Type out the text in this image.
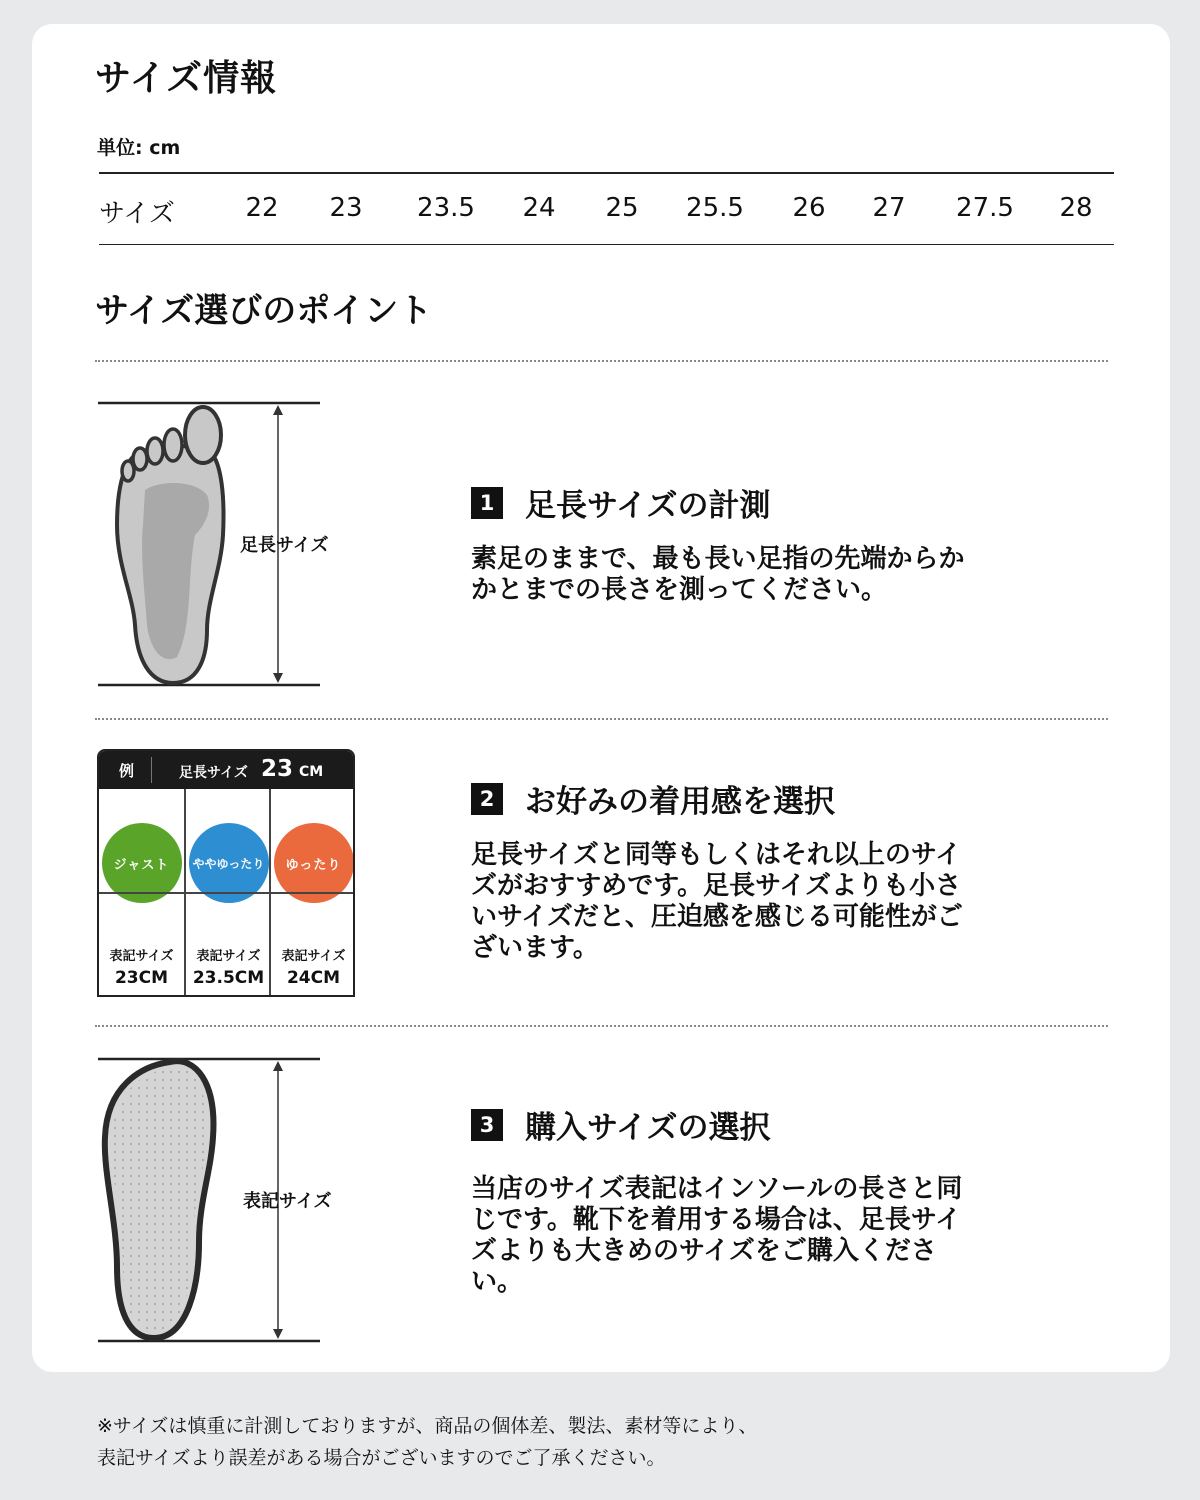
サイズ情報
単位: cm
サイズ	22 23 23.5 24 25 25.5 26 27 27.5 28
サイズ選びのポイント
足長サイズ
1 足長サイズの計測
素足のままで、最も長い足指の先端からかかとまでの長さを測ってください。
例	足長サイズ 23 CM
ジャスト
表記サイズ
23CM
ややゆったり
表記サイズ
23.5CM
ゆったり
表記サイズ
24CM
2 お好みの着用感を選択
足長サイズと同等もしくはそれ以上のサイズがおすすめです。足長サイズよりも小さいサイズだと、圧迫感を感じる可能性がございます。
表記サイズ
3 購入サイズの選択
当店のサイズ表記はインソールの長さと同じです。靴下を着用する場合は、足長サイズよりも大きめのサイズをご購入ください。
※サイズは慎重に計測しておりますが、商品の個体差、製法、素材等により、
表記サイズより誤差がある場合がございますのでご了承ください。
